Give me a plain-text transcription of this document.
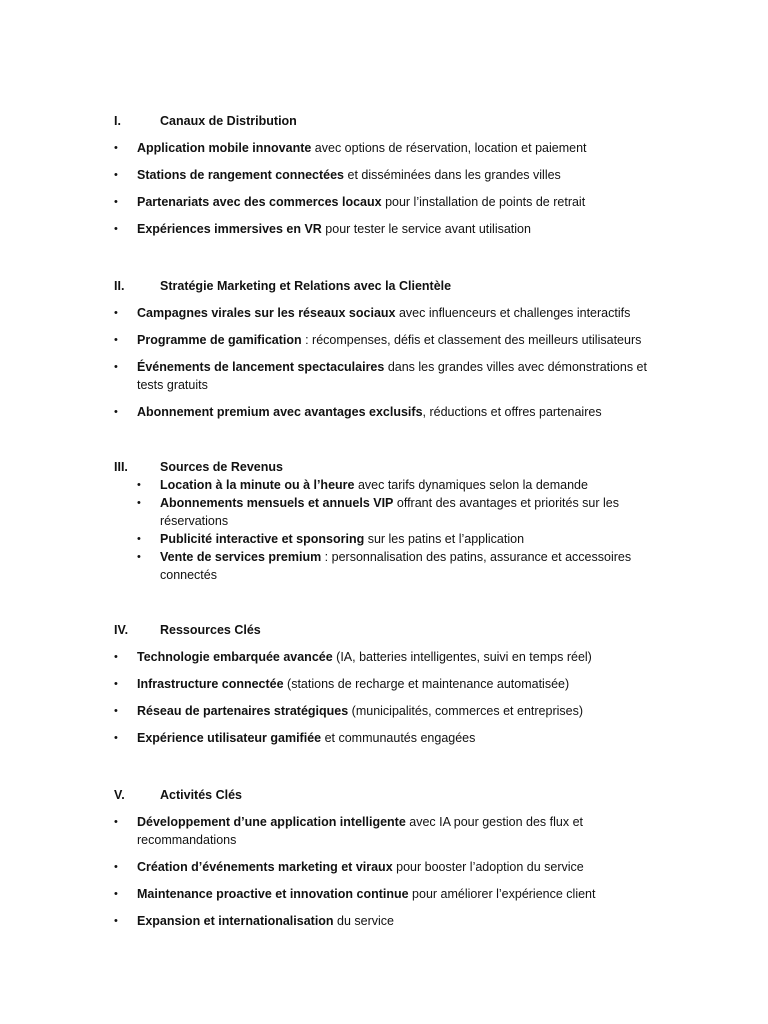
I.	Canaux de Distribution
•	Application mobile innovante avec options de réservation, location et paiement
•	Stations de rangement connectées et disséminées dans les grandes villes
•	Partenariats avec des commerces locaux pour l’installation de points de retrait
•	Expériences immersives en VR pour tester le service avant utilisation
II.	Stratégie Marketing et Relations avec la Clientèle
•	Campagnes virales sur les réseaux sociaux avec influenceurs et challenges interactifs
•	Programme de gamification : récompenses, défis et classement des meilleurs utilisateurs
•	Événements de lancement spectaculaires dans les grandes villes avec démonstrations et tests gratuits
•	Abonnement premium avec avantages exclusifs, réductions et offres partenaires
III.	Sources de Revenus
•	Location à la minute ou à l’heure avec tarifs dynamiques selon la demande
•	Abonnements mensuels et annuels VIP offrant des avantages et priorités sur les réservations
•	Publicité interactive et sponsoring sur les patins et l’application
•	Vente de services premium : personnalisation des patins, assurance et accessoires connectés
IV.	Ressources Clés
•	Technologie embarquée avancée (IA, batteries intelligentes, suivi en temps réel)
•	Infrastructure connectée (stations de recharge et maintenance automatisée)
•	Réseau de partenaires stratégiques (municipalités, commerces et entreprises)
•	Expérience utilisateur gamifiée et communautés engagées
V.	Activités Clés
•	Développement d’une application intelligente avec IA pour gestion des flux et recommandations
•	Création d’événements marketing et viraux pour booster l’adoption du service
•	Maintenance proactive et innovation continue pour améliorer l’expérience client
•	Expansion et internationalisation du service
